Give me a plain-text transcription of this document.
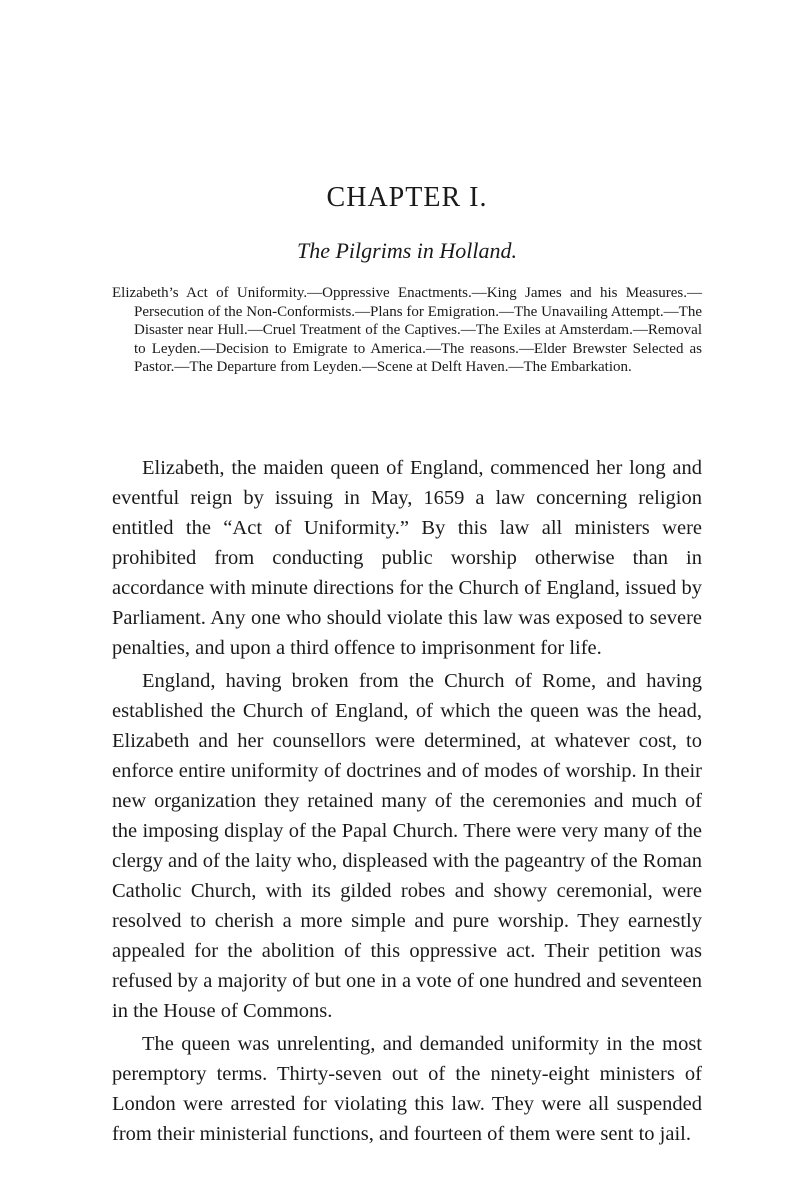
CHAPTER I.
The Pilgrims in Holland.

Elizabeth’s Act of Uniformity.—Oppressive Enactments.—King James and his Measures.—Persecution of the Non-Conformists.—Plans for Emigration.—The Unavailing Attempt.—The Disaster near Hull.—Cruel Treatment of the Captives.—The Exiles at Amsterdam.—Removal to Leyden.—Decision to Emigrate to America.—The reasons.—Elder Brewster Selected as Pastor.—The Departure from Leyden.—Scene at Delft Haven.—The Embarkation.

Elizabeth, the maiden queen of England, commenced her long and eventful reign by issuing in May, 1659 a law concerning religion entitled the “Act of Uniformity.” By this law all ministers were prohibited from conducting public worship otherwise than in accordance with minute directions for the Church of England, issued by Parliament. Any one who should violate this law was exposed to severe penalties, and upon a third offence to imprisonment for life.

England, having broken from the Church of Rome, and having established the Church of England, of which the queen was the head, Elizabeth and her counsellors were determined, at whatever cost, to enforce entire uniformity of doctrines and of modes of worship. In their new organization they retained many of the ceremonies and much of the imposing display of the Papal Church. There were very many of the clergy and of the laity who, displeased with the pageantry of the Roman Catholic Church, with its gilded robes and showy ceremonial, were resolved to cherish a more simple and pure worship. They earnestly appealed for the abolition of this oppressive act. Their petition was refused by a majority of but one in a vote of one hundred and seventeen in the House of Commons.

The queen was unrelenting, and demanded uniformity in the most peremptory terms. Thirty-seven out of the ninety-eight ministers of London were arrested for violating this law. They were all suspended from their ministerial functions, and fourteen of them were sent to jail.
